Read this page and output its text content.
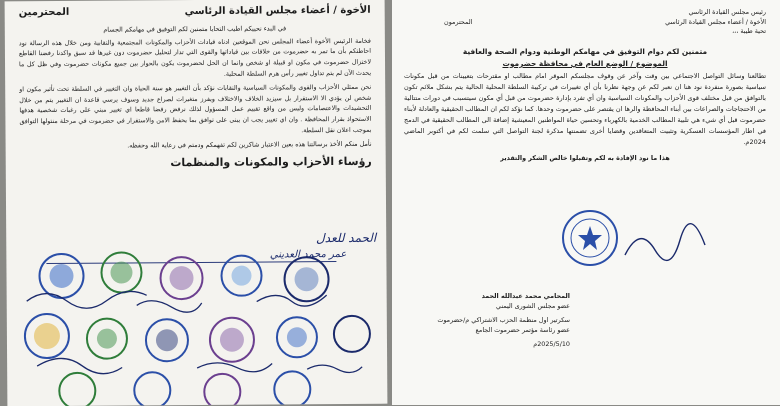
الأخوة / أعضاء مجلس القيادة الرئاسي
المحترمين
في البدء نحييكم اطيب التحايا متمنين لكم التوفيق في مهامكم الجسام

فخامة الرئيس الأخوة أعضاء المجلس نحن الموقعين ادناه قيادات الأحزاب والمكونات المجتمعية والنقابية ومن خلال هذه الرسالة نود احاطتكم بأن ما تمر به حضرموت من خلافات بين قياداتها والقوى التي تدار لتحليل حضرموت دون غيرها قد سبق واكدنا رفضنا القاطع لاختزال حضرموت في مكون او قبيلة او شخص وانما ان الحل لحضرموت يكون بالحوار بين جميع مكونات حضرموت وفي ظل كل ما يحدث الآن لم يتم تداول تغيير رأس هرم السلطة المحلية.

نحن ممثلي الأحزاب والقوى والمكونات السياسية والنقابات نؤكد بأن التغيير هو سنة الحياة وان التغيير في السلطة تحت تأثير مكون او شخص لن يؤدي الا الاستقرار بل سيزيد الخلاف والاختلاف ويفرز متغيرات لصراع جديد وسوف يرسي قاعدة ان التغيير يتم من خلال التحشيدات والاعتصامات وليس من واقع تقييم عمل المسؤول لذلك نرفض رفضا قاطعا اي تغيير مبني على رغبات شخصية هدفها الاستحواذ بقرار المحافظة . وان اي تغيير يجب ان يبنى على توافق بما يحفظ الامن والاستقرار في حضرموت في مرحلة منتولها التوافق بموجب اعلان نقل السلطة.

نأمل منكم الأخذ برسالتنا هذه بعين الاعتبار شاكرين لكم تفهمكم ودمتم في رعاية الله وحفظه.
رؤساء الأحزاب والمكونات والمنظمات
الحمد للعدل
عمر محمد العديني
رئيس مجلس القيادة الرئاسي
الأخوة / أعضاء مجلس القيادة الرئاسي
تحية طيبة ،،،
المحترمون
متمنين لكم دوام التوفيق في مهامكم الوطنية ودوام الصحة والعافية
الموضوع / الوضع العام في محافظة حضرموت

تطالعنا وسائل التواصل الاجتماعي بين وقت وآخر عن وقوف مجلسكم الموقر امام مطالب او مقترحات بتعيينات من قبل مكونات سياسية بصورة منفردة نود هنا ان نعبر لكم عن وجهة نظرنا بأن أي تغييرات في تركيبة السلطة المحلية الحالية يتم بشكل ملائم تكون بالتوافق من قبل مختلف قوى الأحزاب والمكونات السياسية وان أي تفرد بإدارة حضرموت من قبل أي مكون سيتسبب في دورات متتالية من الاحتجاجات والصراعات بين أبناء المحافظة والرها ان يقتصر على حضرموت وحدها. كما نؤكد لكم ان المطالب الحقيقية والعادلة لأبناء حضرموت قبل أي شيء هي تلبية المطالب الخدمية بالكهرباء وتحسين حياة المواطنين المعيشية إضافة الى المطالب الحقيقية في الدمج في اطار المؤسسات العسكرية وتثبيت المتعاقدين وقضايا أخرى تضمنتها مذكرة لجنة التواصل التي سلمت لكم في أكتوبر الماضي 2024م.

هذا ما نود الإفادة به لكم وتقبلوا خالص الشكر والتقدير
المحامي محمد عبدالله الحمد
عضو مجلس الشورى اليمني
سكرتير اول منظمة الحزب الاشتراكي م/حضرموت
عضو رئاسة مؤتمر حضرموت الجامع
2025/5/10م
